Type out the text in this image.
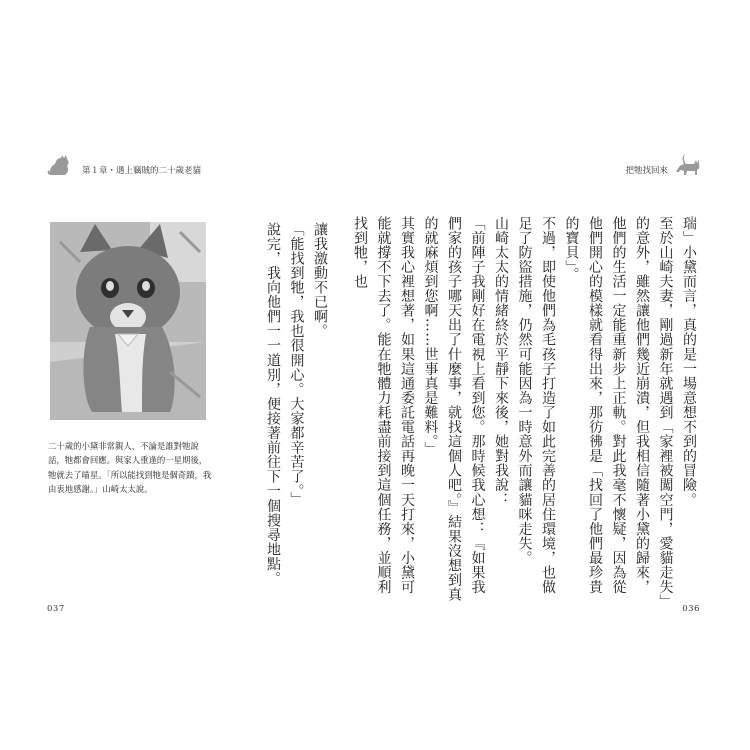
第１章・遇上竊賊的二十歲老貓
二十歲的小黛非常親人，不論是誰對牠說話，牠都會回應。與家人重逢的一星期後，牠就去了喵星。「所以能找到牠是個奇蹟，我由衷地感謝。」山崎太太說。

讓我激動不已啊。

「能找到牠，我也很開心。大家都辛苦了。」

說完，我向他們一一道別，便接著前往下一個搜尋地點。

037
把牠找回來

瑞」小黛而言，真的是一場意想不到的冒險。

至於山崎夫妻，剛過新年就遇到「家裡被闖空門，愛貓走失」的意外，雖然讓他們幾近崩潰，但我相信隨著小黛的歸來，他們的生活一定能重新步上正軌。對此我毫不懷疑，因為從他們開心的模樣就看得出來，那彷彿是「找回了他們最珍貴的寶貝」。

不過，即使他們為毛孩子打造了如此完善的居住環境，也做足了防盜措施，仍然可能因為一時意外而讓貓咪走失。

山崎太太的情緒終於平靜下來後，她對我說：

「前陣子我剛好在電視上看到您。那時候我心想：『如果我們家的孩子哪天出了什麼事，就找這個人吧。』結果沒想到真的就麻煩到您啊……世事真是難料。」

其實我心裡想著，如果這通委託電話再晚一天打來，小黛可能就撐不下去了。能在牠體力耗盡前接到這個任務，並順利找到牠，也

036
